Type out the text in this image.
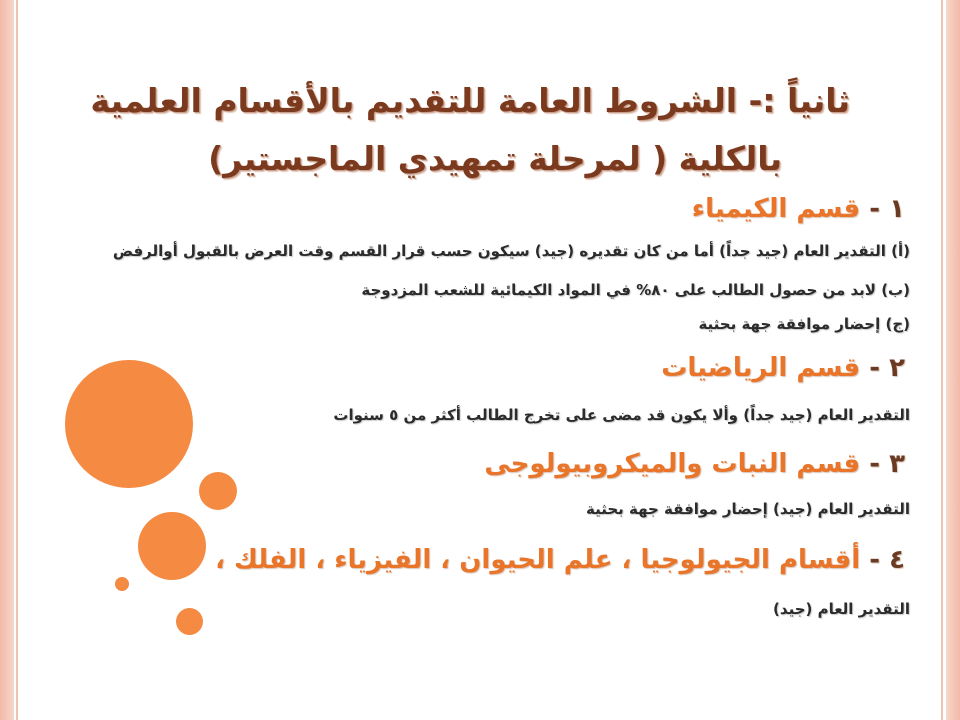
ثانياً :- الشروط العامة للتقديم بالأقسام العلمية
بالكلية ( لمرحلة تمهيدي الماجستير)
١ - قسم الكيمياء
(أ) التقدير العام (جيد جداً) أما من كان تقديره (جيد) سيكون حسب قرار القسم وقت العرض بالقبول أوالرفض
(ب) لابد من حصول الطالب على ٨٠% في المواد الكيمائية للشعب المزدوجة
(ج) إحضار موافقة جهة بحثية
٢ - قسم الرياضيات
التقدير العام (جيد جداً) وألا يكون قد مضى على تخرج الطالب أكثر من ٥ سنوات
٣ - قسم النبات والميكروبيولوجى
التقدير العام (جيد) إحضار موافقة جهة بحثية
٤ - أقسام الجيولوجيا ، علم الحيوان ، الفيزياء ، الفلك ،
التقدير العام (جيد)
